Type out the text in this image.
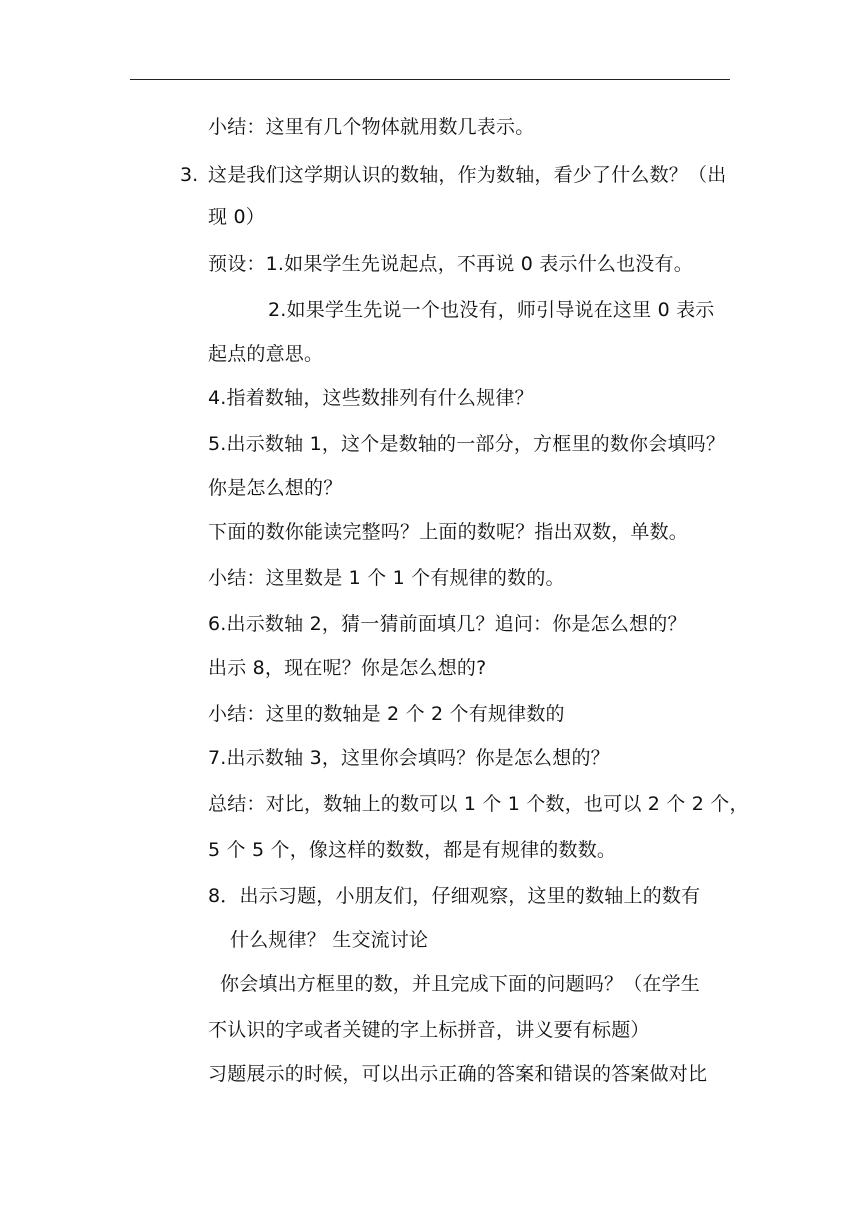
3.
小结：这里有几个物体就用数几表示。
这是我们这学期认识的数轴，作为数轴，看少了什么数？（出
现 0）
预设：1.如果学生先说起点，不再说 0 表示什么也没有。
2.如果学生先说一个也没有，师引导说在这里 0 表示
起点的意思。
4.指着数轴，这些数排列有什么规律？
5.出示数轴 1，这个是数轴的一部分，方框里的数你会填吗？
你是怎么想的？
下面的数你能读完整吗？上面的数呢？指出双数，单数。
小结：这里数是 1 个 1 个有规律的数的。
6.出示数轴 2，猜一猜前面填几？追问：你是怎么想的？
出示 8，现在呢？你是怎么想的?
小结：这里的数轴是 2 个 2 个有规律数的
7.出示数轴 3，这里你会填吗？你是怎么想的？
总结：对比，数轴上的数可以 1 个 1 个数，也可以 2 个 2 个，
5 个 5 个，像这样的数数，都是有规律的数数。
8．出示习题，小朋友们，仔细观察，这里的数轴上的数有
什么规律？ 生交流讨论
你会填出方框里的数，并且完成下面的问题吗？（在学生
不认识的字或者关键的字上标拼音，讲义要有标题）
习题展示的时候，可以出示正确的答案和错误的答案做对比
